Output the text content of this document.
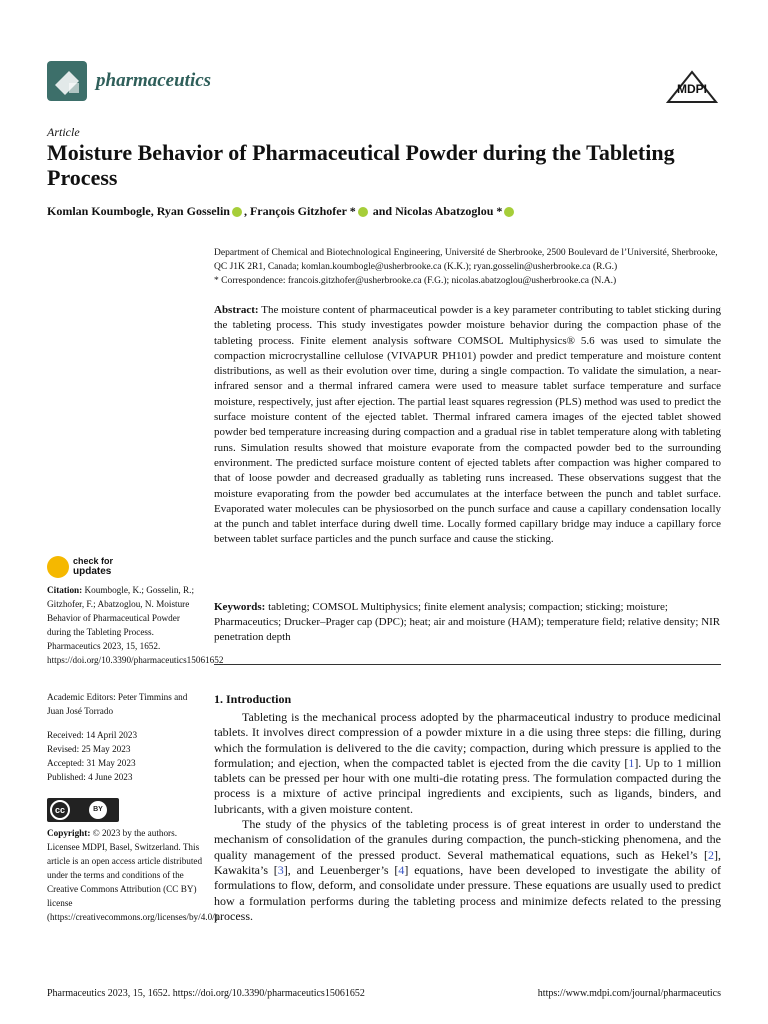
pharmaceutics	MDPI
Article
Moisture Behavior of Pharmaceutical Powder during the Tableting Process
Komlan Koumbogle, Ryan Gosselin , François Gitzhofer * and Nicolas Abatzoglou *
Department of Chemical and Biotechnological Engineering, Université de Sherbrooke, 2500 Boulevard de l’Université, Sherbrooke, QC J1K 2R1, Canada; komlan.koumbogle@usherbrooke.ca (K.K.); ryan.gosselin@usherbrooke.ca (R.G.)
* Correspondence: francois.gitzhofer@usherbrooke.ca (F.G.); nicolas.abatzoglou@usherbrooke.ca (N.A.)
Abstract: The moisture content of pharmaceutical powder is a key parameter contributing to tablet sticking during the tableting process. This study investigates powder moisture behavior during the compaction phase of the tableting process. Finite element analysis software COMSOL Multiphysics® 5.6 was used to simulate the compaction microcrystalline cellulose (VIVAPUR PH101) powder and predict temperature and moisture content distributions, as well as their evolution over time, during a single compaction. To validate the simulation, a near-infrared sensor and a thermal infrared camera were used to measure tablet surface temperature and surface moisture, respectively, just after ejection. The partial least squares regression (PLS) method was used to predict the surface moisture content of the ejected tablet. Thermal infrared camera images of the ejected tablet showed powder bed temperature increasing during compaction and a gradual rise in tablet temperature along with tableting runs. Simulation results showed that moisture evaporate from the compacted powder bed to the surrounding environment. The predicted surface moisture content of ejected tablets after compaction was higher compared to that of loose powder and decreased gradually as tableting runs increased. These observations suggest that the moisture evaporating from the powder bed accumulates at the interface between the punch and tablet surface. Evaporated water molecules can be physiosorbed on the punch surface and cause a capillary condensation locally at the punch and tablet interface during dwell time. Locally formed capillary bridge may induce a capillary force between tablet surface particles and the punch surface and cause the sticking.
Keywords: tableting; COMSOL Multiphysics; finite element analysis; compaction; sticking; moisture; Pharmaceutics; Drucker–Prager cap (DPC); heat; air and moisture (HAM); temperature field; relative density; NIR penetration depth
1. Introduction

Tableting is the mechanical process adopted by the pharmaceutical industry to produce medicinal tablets. It involves direct compression of a powder mixture in a die using three steps: die filling, during which the formulation is delivered to the die cavity; compaction, during which pressure is applied to the formulation; and ejection, when the compacted tablet is ejected from the die cavity [1]. Up to 1 million tablets can be pressed per hour with one multi-die rotating press. The formulation compacted during the process is a mixture of active principal ingredients and excipients, such as ligands, binders, and lubricants, with a given moisture content.

The study of the physics of the tableting process is of great interest in order to understand the mechanism of consolidation of the granules during compaction, the punch-sticking phenomena, and the quality management of the pressed product. Several mathematical equations, such as Hekel’s [2], Kawakita’s [3], and Leuenberger’s [4] equations, have been developed to investigate the ability of formulations to flow, deform, and consolidate under pressure. These equations are usually used to predict how a formulation performs during the tableting process and minimize defects related to the pressing process.

check for
updates
Citation: Koumbogle, K.; Gosselin, R.; Gitzhofer, F.; Abatzoglou, N. Moisture Behavior of Pharmaceutical Powder during the Tableting Process. Pharmaceutics 2023, 15, 1652. https://doi.org/10.3390/pharmaceutics15061652
Academic Editors: Peter Timmins and Juan José Torrado
Received: 14 April 2023
Revised: 25 May 2023
Accepted: 31 May 2023
Published: 4 June 2023
cc	BY
Copyright: © 2023 by the authors. Licensee MDPI, Basel, Switzerland. This article is an open access article distributed under the terms and conditions of the Creative Commons Attribution (CC BY) license (https://creativecommons.org/licenses/by/4.0/).
Pharmaceutics 2023, 15, 1652. https://doi.org/10.3390/pharmaceutics15061652	https://www.mdpi.com/journal/pharmaceutics
